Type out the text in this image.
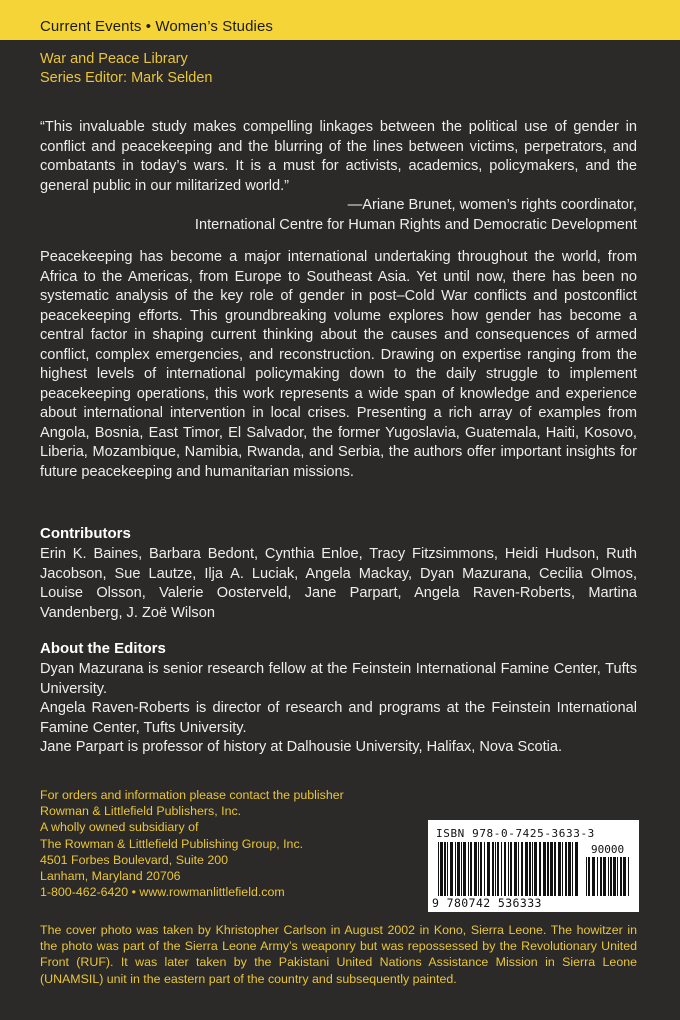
Current Events • Women’s Studies
War and Peace Library
Series Editor: Mark Selden

“This invaluable study makes compelling linkages between the political use of gender in conflict and peacekeeping and the blurring of the lines between victims, perpetrators, and combatants in today’s wars. It is a must for activists, academics, policymakers, and the general public in our militarized world.”

—Ariane Brunet, women’s rights coordinator,
International Centre for Human Rights and Democratic Development

Peacekeeping has become a major international undertaking throughout the world, from Africa to the Americas, from Europe to Southeast Asia. Yet until now, there has been no systematic analysis of the key role of gender in post–Cold War conflicts and postconflict peacekeeping efforts. This groundbreaking volume explores how gender has become a central factor in shaping current thinking about the causes and consequences of armed conflict, complex emergencies, and reconstruction. Drawing on expertise ranging from the highest levels of international policymaking down to the daily struggle to implement peacekeeping operations, this work represents a wide span of knowledge and experience about international intervention in local crises. Presenting a rich array of examples from Angola, Bosnia, East Timor, El Salvador, the former Yugoslavia, Guatemala, Haiti, Kosovo, Liberia, Mozambique, Namibia, Rwanda, and Serbia, the authors offer important insights for future peacekeeping and humanitarian missions.

Contributors

Erin K. Baines, Barbara Bedont, Cynthia Enloe, Tracy Fitzsimmons, Heidi Hudson, Ruth Jacobson, Sue Lautze, Ilja A. Luciak, Angela Mackay, Dyan Mazurana, Cecilia Olmos, Louise Olsson, Valerie Oosterveld, Jane Parpart, Angela Raven-Roberts, Martina Vandenberg, J. Zoë Wilson

About the Editors
Dyan Mazurana is senior research fellow at the Feinstein International Famine Center, Tufts University.
Angela Raven-Roberts is director of research and programs at the Feinstein International Famine Center, Tufts University.
Jane Parpart is professor of history at Dalhousie University, Halifax, Nova Scotia.
For orders and information please contact the publisher
Rowman & Littlefield Publishers, Inc.
A wholly owned subsidiary of
The Rowman & Littlefield Publishing Group, Inc.
4501 Forbes Boulevard, Suite 200
Lanham, Maryland 20706
1-800-462-6420 • www.rowmanlittlefield.com
ISBN 978-0-7425-3633-3
90000
9 780742 536333

The cover photo was taken by Khristopher Carlson in August 2002 in Kono, Sierra Leone. The howitzer in the photo was part of the Sierra Leone Army’s weaponry but was repossessed by the Revolutionary United Front (RUF). It was later taken by the Pakistani United Nations Assistance Mission in Sierra Leone (UNAMSIL) unit in the eastern part of the country and subsequently painted.
